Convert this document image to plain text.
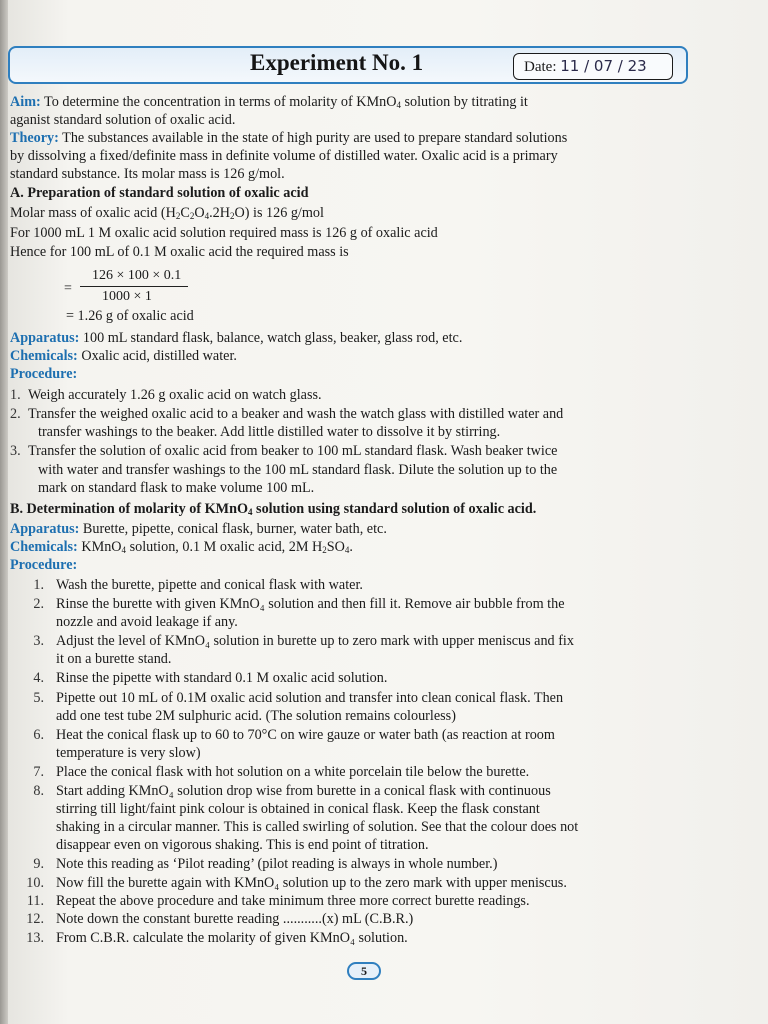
Experiment No. 1	Date: 11 / 07 / 23
Aim: To determine the concentration in terms of molarity of KMnO$_4$ solution by titrating it
aganist standard solution of oxalic acid.
Theory: The substances available in the state of high purity are used to prepare standard solutions
by dissolving a fixed/definite mass in definite volume of distilled water. Oxalic acid is a primary
standard substance. Its molar mass is 126 g/mol.
A. Preparation of standard solution of oxalic acid
Molar mass of oxalic acid $(H_2C_2O_4.2H_2O)$ is 126 g/mol
For 1000 mL 1 M oxalic acid solution required mass is 126 g of oxalic acid
Hence for 100 mL of 0.1 M oxalic acid the required mass is
=
126 × 100 × 0.1
1000 × 1
= 1.26 g of oxalic acid
Apparatus: 100 mL standard flask, balance, watch glass, beaker, glass rod, etc.
Chemicals: Oxalic acid, distilled water.
Procedure:
1. Weigh accurately 1.26 g oxalic acid on watch glass.
2. Transfer the weighed oxalic acid to a beaker and wash the watch glass with distilled water and
transfer washings to the beaker. Add little distilled water to dissolve it by stirring.
3. Transfer the solution of oxalic acid from beaker to 100 mL standard flask. Wash beaker twice
with water and transfer washings to the 100 mL standard flask. Dilute the solution up to the
mark on standard flask to make volume 100 mL.
B. Determination of molarity of KMnO$_4$ solution using standard solution of oxalic acid.
Apparatus: Burette, pipette, conical flask, burner, water bath, etc.
Chemicals: KMnO$_4$ solution, 0.1 M oxalic acid, 2M $H_2SO_4$.
Procedure:
1. Wash the burette, pipette and conical flask with water.
2. Rinse the burette with given KMnO₄ solution and then fill it. Remove air bubble from the
nozzle and avoid leakage if any.
3. Adjust the level of KMnO₄ solution in burette up to zero mark with upper meniscus and fix
it on a burette stand.
4. Rinse the pipette with standard 0.1 M oxalic acid solution.
5. Pipette out 10 mL of 0.1M oxalic acid solution and transfer into clean conical flask. Then
add one test tube 2M sulphuric acid. (The solution remains colourless)
6. Heat the conical flask up to 60 to 70°C on wire gauze or water bath (as reaction at room
temperature is very slow)
7. Place the conical flask with hot solution on a white porcelain tile below the burette.
8. Start adding KMnO₄ solution drop wise from burette in a conical flask with continuous
stirring till light/faint pink colour is obtained in conical flask. Keep the flask constant
shaking in a circular manner. This is called swirling of solution. See that the colour does not
disappear even on vigorous shaking. This is end point of titration.
9. Note this reading as ‘Pilot reading’ (pilot reading is always in whole number.)
10. Now fill the burette again with KMnO₄ solution up to the zero mark with upper meniscus.
11. Repeat the above procedure and take minimum three more correct burette readings.
12. Note down the constant burette reading ...........(x) mL (C.B.R.)
13. From C.B.R. calculate the molarity of given KMnO₄ solution.
5
